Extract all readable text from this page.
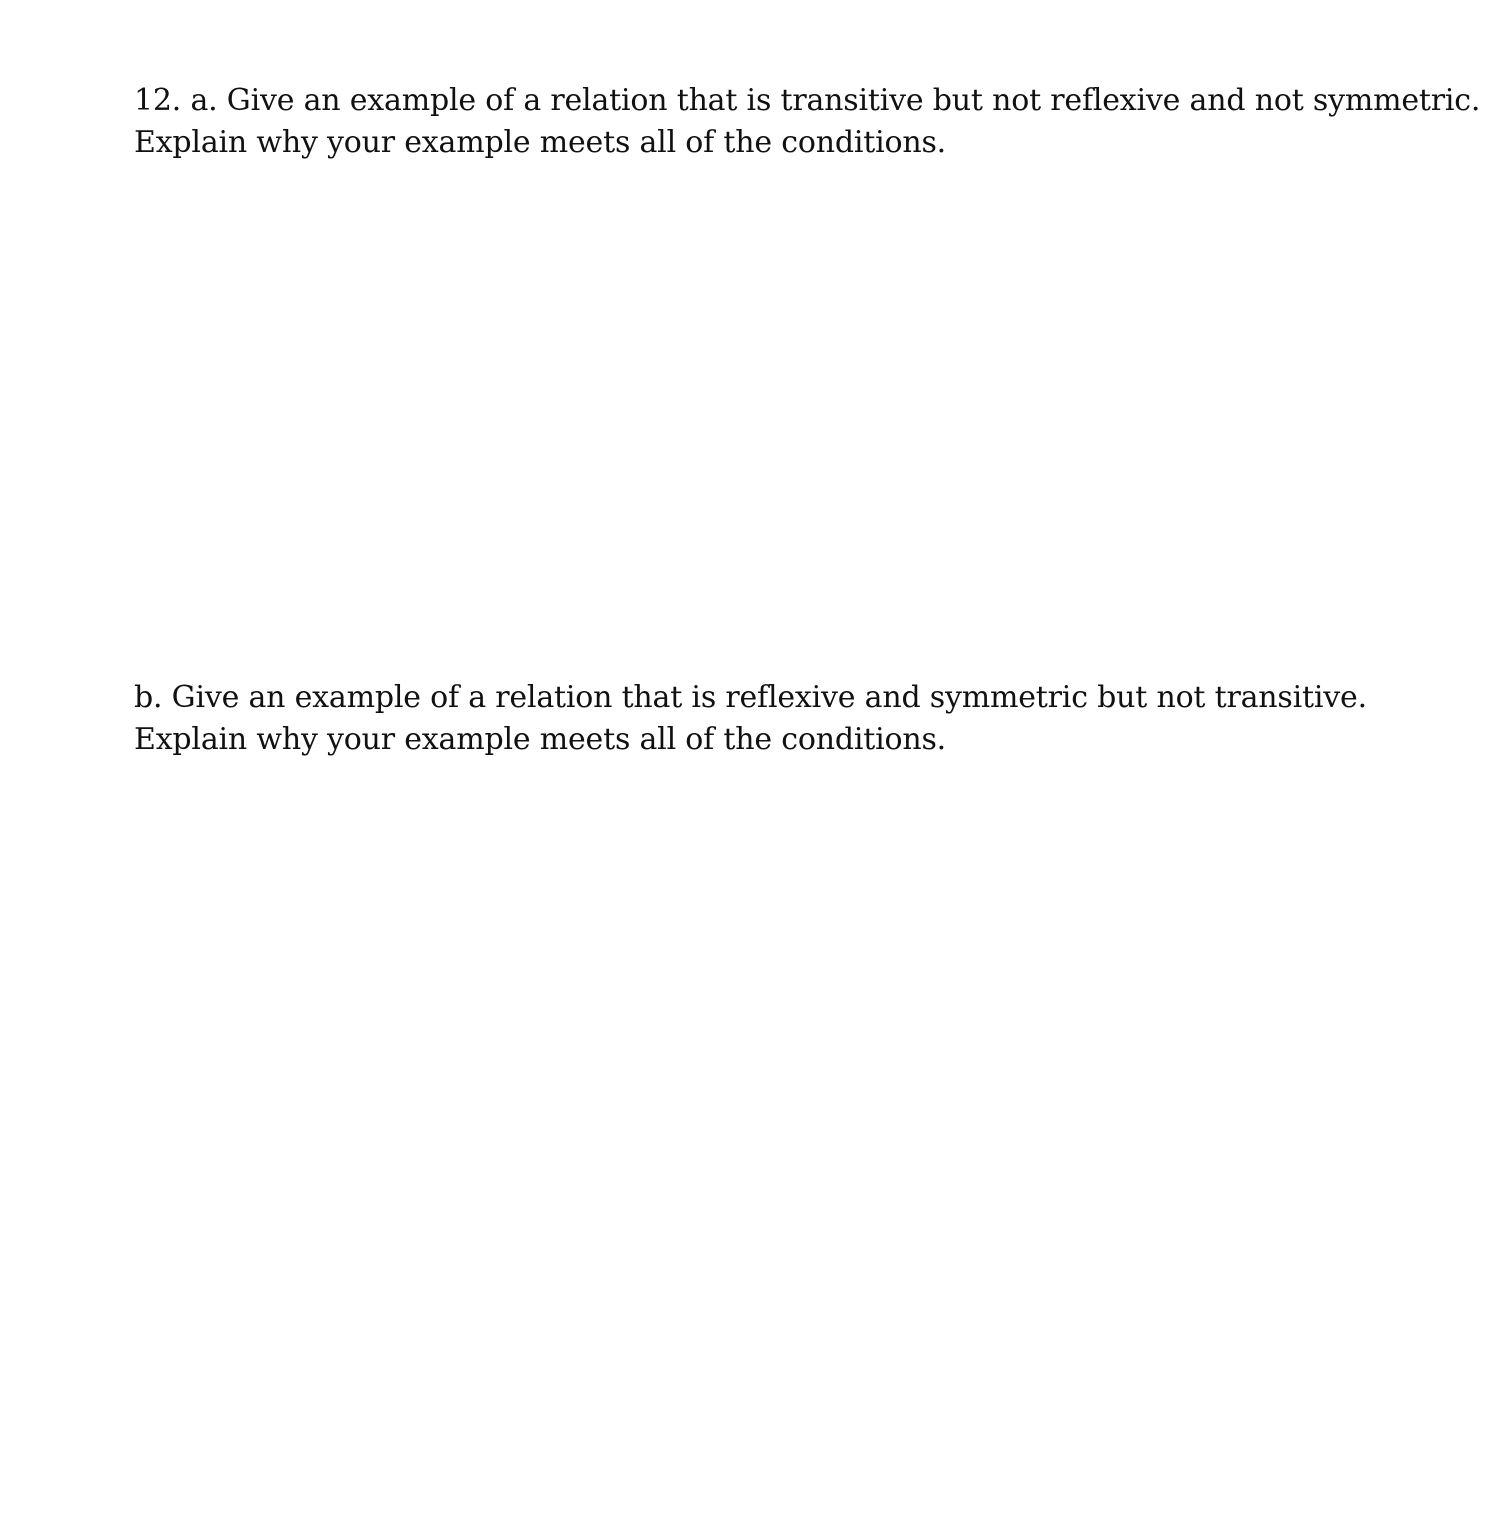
12. a. Give an example of a relation that is transitive but not reflexive and not symmetric.
Explain why your example meets all of the conditions.
b. Give an example of a relation that is reflexive and symmetric but not transitive.
Explain why your example meets all of the conditions.
